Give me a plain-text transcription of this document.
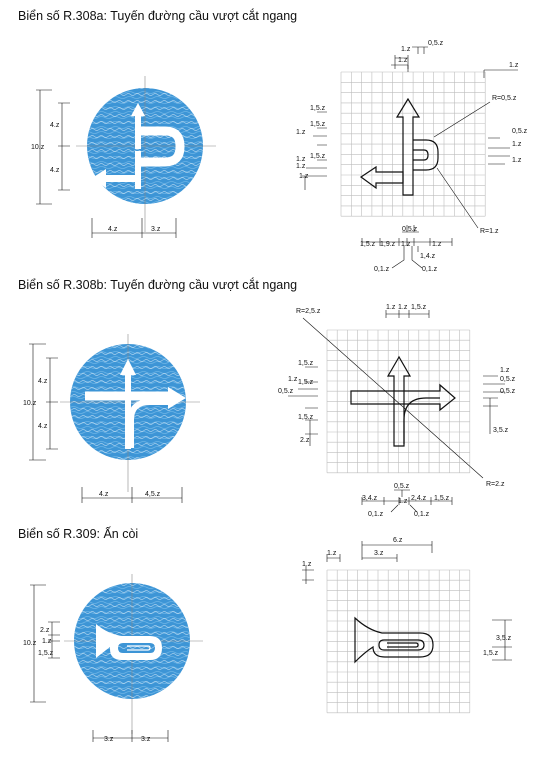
Biển số R.308a: Tuyến đường cầu vượt cắt ngang
Biển số R.308b: Tuyến đường cầu vượt cắt ngang
Biển số R.309: Ấn còi
10.z
4.z
4.z
4.z	3.z
1.z
0,5.z
1.z
1.z
1,5.z
1,5.z
1.z
1.z 1,5.z
1.z
1.z
0,5.z
1.z
1.z
R=0,5.z
R=1.z
0,5.z
1,5.z 1,9.z 1.z	1.z
1,4.z
0,1.z	0,1.z
10.z
4.z
4.z
4.z	4,5.z
1.z 1.z 1,5.z
R=2,5.z
1,5.z
1.z 1,5.z
0,5.z
1,5.z
2.z
1.z
0,5.z
0,5.z
3,5.z
R=2.z
0,5.z
3,4.z	1.z 2,4.z 1,5.z
0,1.z	0,1.z
10.z
2.z
1.z
1,5.z
3.z	3.z
6.z
3.z
1.z
1.z
3,5.z
1,5.z
